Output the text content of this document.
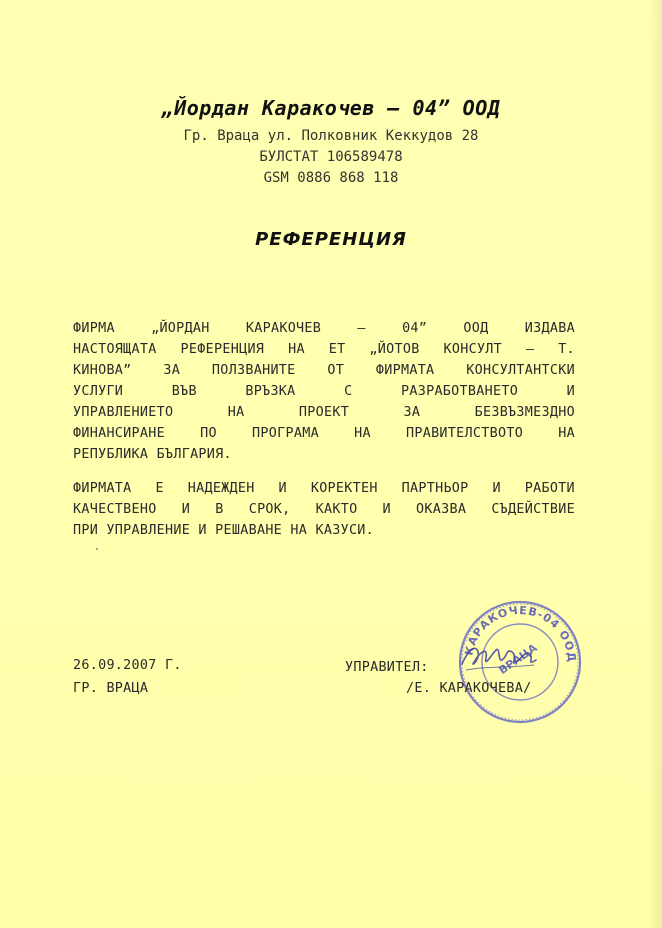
„Йордан Каракочев – 04” ООД
Гр. Враца ул. Полковник Кеккудов 28
БУЛСТАТ 106589478
GSM 0886 868 118
РЕФЕРЕНЦИЯ
ФИРМА	„ЙОРДАН	КАРАКОЧЕВ	–	04”	ООД	ИЗДАВА
НАСТОЯЩАТА РЕФЕРЕНЦИЯ НА ЕТ „ЙОТОВ КОНСУЛТ – Т.
КИНОВА” ЗА ПОЛЗВАНИТЕ ОТ ФИРМАТА КОНСУЛТАНТСКИ
УСЛУГИ	ВЪВ	ВРЪЗКА	С	РАЗРАБОТВАНЕТО	И
УПРАВЛЕНИЕТО	НА	ПРОЕКТ	ЗА	БЕЗВЪЗМЕЗДНО
ФИНАНСИРАНЕ	ПО	ПРОГРАМА	НА	ПРАВИТЕЛСТВОТО	НА
РЕПУБЛИКА БЪЛГАРИЯ.
ФИРМАТА Е НАДЕЖДЕН И КОРЕКТЕН ПАРТНЬОР И РАБОТИ
КАЧЕСТВЕНО И В СРОК, КАКТО И ОКАЗВА СЪДЕЙСТВИЕ
ПРИ УПРАВЛЕНИЕ И РЕШАВАНЕ НА КАЗУСИ.
26.09.2007 Г.
ГР. ВРАЦА
КАРАКОЧЕВ-04 ООД
ВРАЦА
УПРАВИТЕЛ:
/Е. КАРАКОЧЕВА/
